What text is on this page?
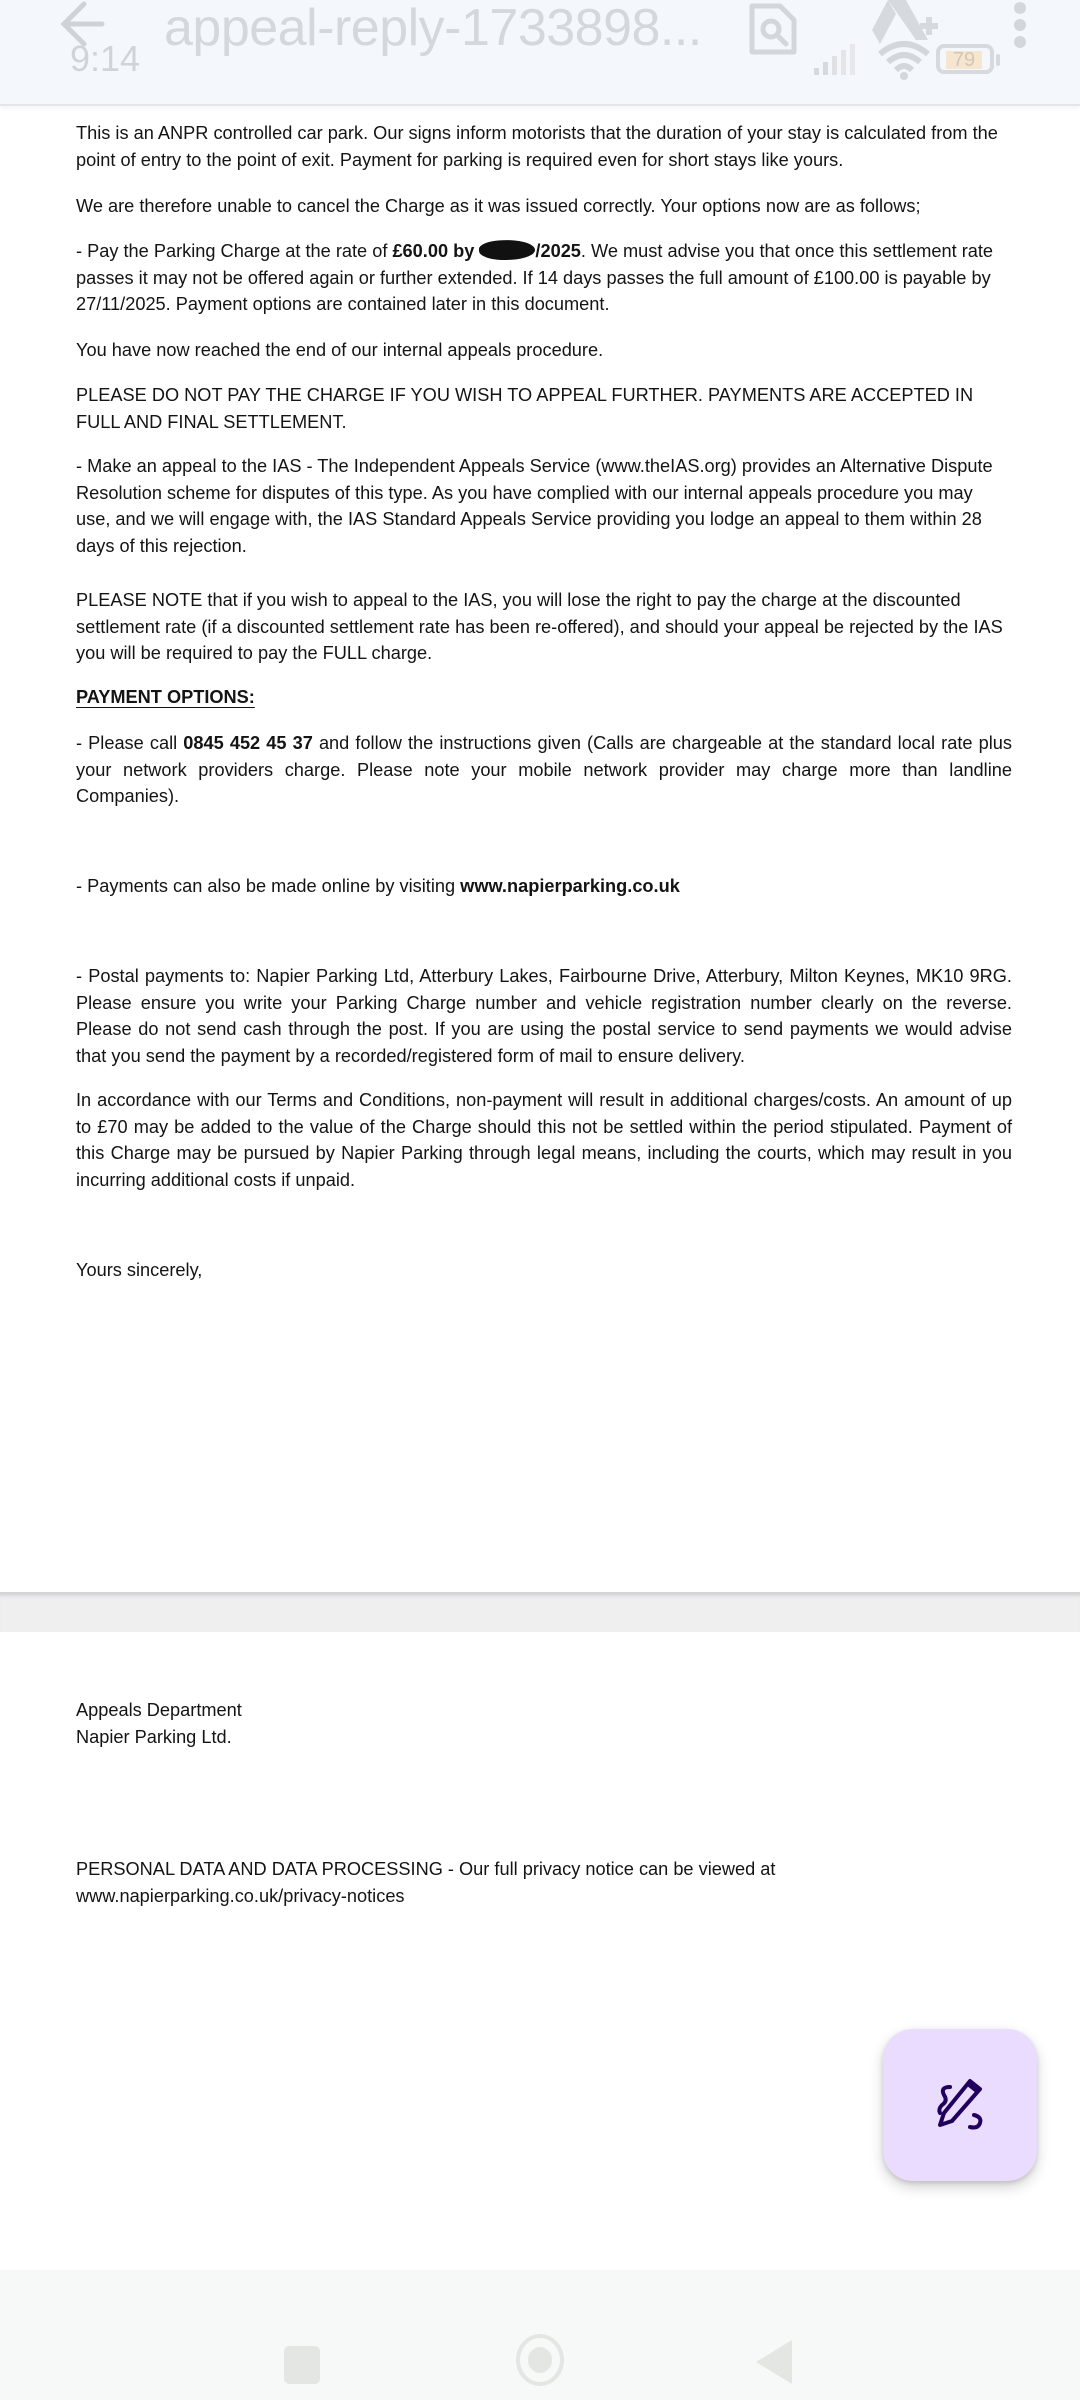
appeal-reply-1733898...
9:14	79

This is an ANPR controlled car park. Our signs inform motorists that the duration of your stay is calculated from the point of entry to the point of exit. Payment for parking is required even for short stays like yours.

We are therefore unable to cancel the Charge as it was issued correctly. Your options now are as follows;

- Pay the Parking Charge at the rate of £60.00 by	/2025. We must advise you that once this settlement rate passes it may not be offered again or further extended. If 14 days passes the full amount of £100.00 is payable by 27/11/2025. Payment options are contained later in this document.

You have now reached the end of our internal appeals procedure.

PLEASE DO NOT PAY THE CHARGE IF YOU WISH TO APPEAL FURTHER. PAYMENTS ARE ACCEPTED IN FULL AND FINAL SETTLEMENT.

- Make an appeal to the IAS - The Independent Appeals Service (www.theIAS.org) provides an Alternative Dispute Resolution scheme for disputes of this type. As you have complied with our internal appeals procedure you may use, and we will engage with, the IAS Standard Appeals Service providing you lodge an appeal to them within 28 days of this rejection.

PLEASE NOTE that if you wish to appeal to the IAS, you will lose the right to pay the charge at the discounted settlement rate (if a discounted settlement rate has been re-offered), and should your appeal be rejected by the IAS you will be required to pay the FULL charge.

PAYMENT OPTIONS:

- Please call 0845 452 45 37 and follow the instructions given (Calls are chargeable at the standard local rate plus your network providers charge. Please note your mobile network provider may charge more than landline Companies).

- Payments can also be made online by visiting www.napierparking.co.uk

- Postal payments to: Napier Parking Ltd, Atterbury Lakes, Fairbourne Drive, Atterbury, Milton Keynes, MK10 9RG. Please ensure you write your Parking Charge number and vehicle registration number clearly on the reverse. Please do not send cash through the post. If you are using the postal service to send payments we would advise that you send the payment by a recorded/registered form of mail to ensure delivery.

In accordance with our Terms and Conditions, non-payment will result in additional charges/costs. An amount of up to £70 may be added to the value of the Charge should this not be settled within the period stipulated. Payment of this Charge may be pursued by Napier Parking through legal means, including the courts, which may result in you incurring additional costs if unpaid.

Yours sincerely,

Appeals Department

Napier Parking Ltd.

PERSONAL DATA AND DATA PROCESSING - Our full privacy notice can be viewed at

www.napierparking.co.uk/privacy-notices
